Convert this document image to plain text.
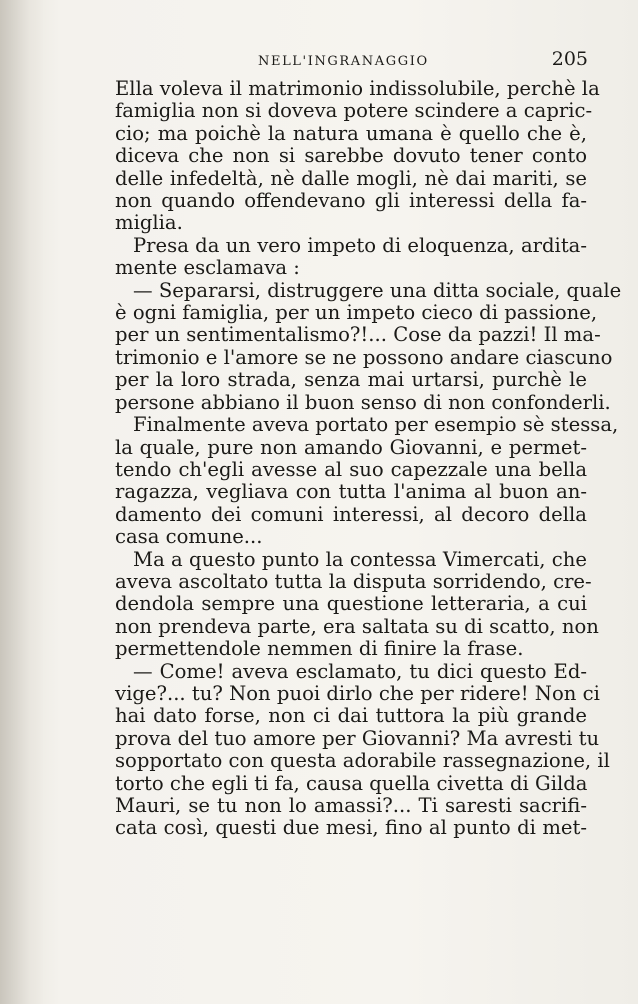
NELL'INGRANAGGIO	205
Ella voleva il matrimonio indissolubile, perchè la
famiglia non si doveva potere scindere a capric-
cio; ma poichè la natura umana è quello che è,
diceva che non si sarebbe dovuto tener conto
delle infedeltà, nè dalle mogli, nè dai mariti, se
non quando offendevano gli interessi della fa-
miglia.
Presa da un vero impeto di eloquenza, ardita-
mente esclamava :
— Separarsi, distruggere una ditta sociale, quale
è ogni famiglia, per un impeto cieco di passione,
per un sentimentalismo?!... Cose da pazzi! Il ma-
trimonio e l'amore se ne possono andare ciascuno
per la loro strada, senza mai urtarsi, purchè le
persone abbiano il buon senso di non confonderli.
Finalmente aveva portato per esempio sè stessa,
la quale, pure non amando Giovanni, e permet-
tendo ch'egli avesse al suo capezzale una bella
ragazza, vegliava con tutta l'anima al buon an-
damento dei comuni interessi, al decoro della
casa comune...
Ma a questo punto la contessa Vimercati, che
aveva ascoltato tutta la disputa sorridendo, cre-
dendola sempre una questione letteraria, a cui
non prendeva parte, era saltata su di scatto, non
permettendole nemmen di finire la frase.
— Come! aveva esclamato, tu dici questo Ed-
vige?... tu? Non puoi dirlo che per ridere! Non ci
hai dato forse, non ci dai tuttora la più grande
prova del tuo amore per Giovanni? Ma avresti tu
sopportato con questa adorabile rassegnazione, il
torto che egli ti fa, causa quella civetta di Gilda
Mauri, se tu non lo amassi?... Ti saresti sacrifi-
cata così, questi due mesi, fino al punto di met-
